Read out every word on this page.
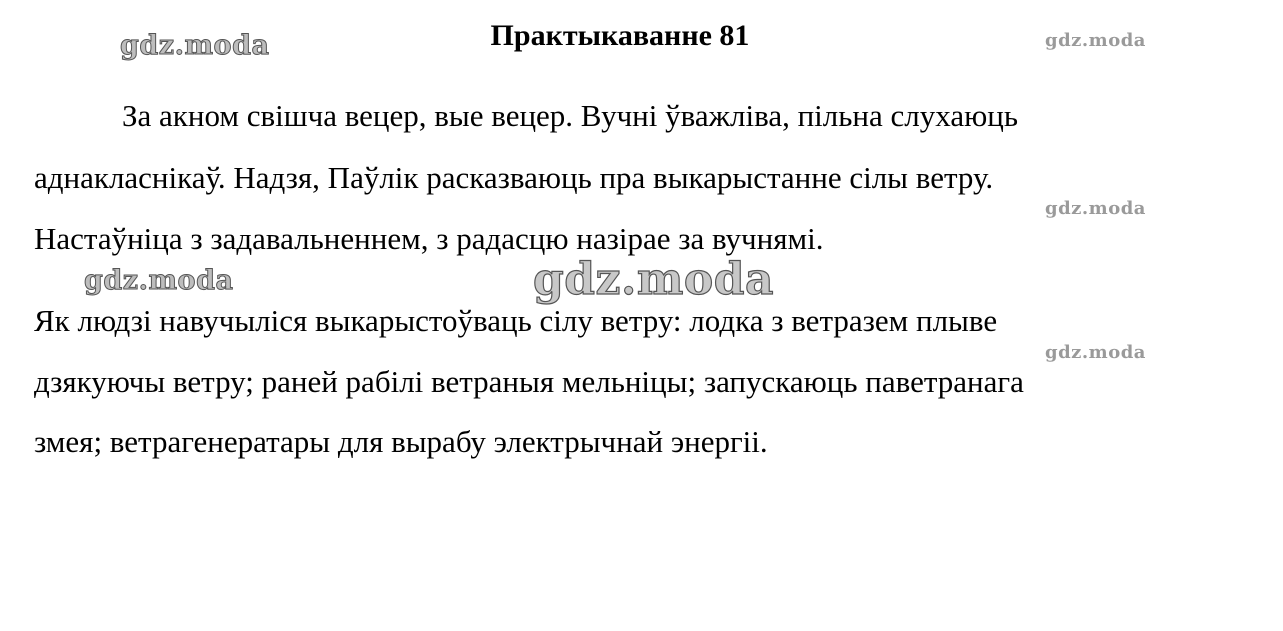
Практыкаванне 81
За акном свішча вецер, вые вецер. Вучні ўважліва, пільна слухаюць
аднакласнікаў. Надзя, Паўлік расказваюць пра выкарыстанне сілы ветру.
Настаўніца з задавальненнем, з радасцю назірае за вучнямі.
Як людзі навучыліся выкарыстоўваць сілу ветру: лодка з ветразем плыве
дзякуючы ветру; раней рабілі ветраныя мельніцы; запускаюць паветранага
змея; ветрагенератары для вырабу электрычнай энергіі.
gdz.moda	gdz.moda
gdz.moda
gdz.moda	gdz.moda
gdz.moda
